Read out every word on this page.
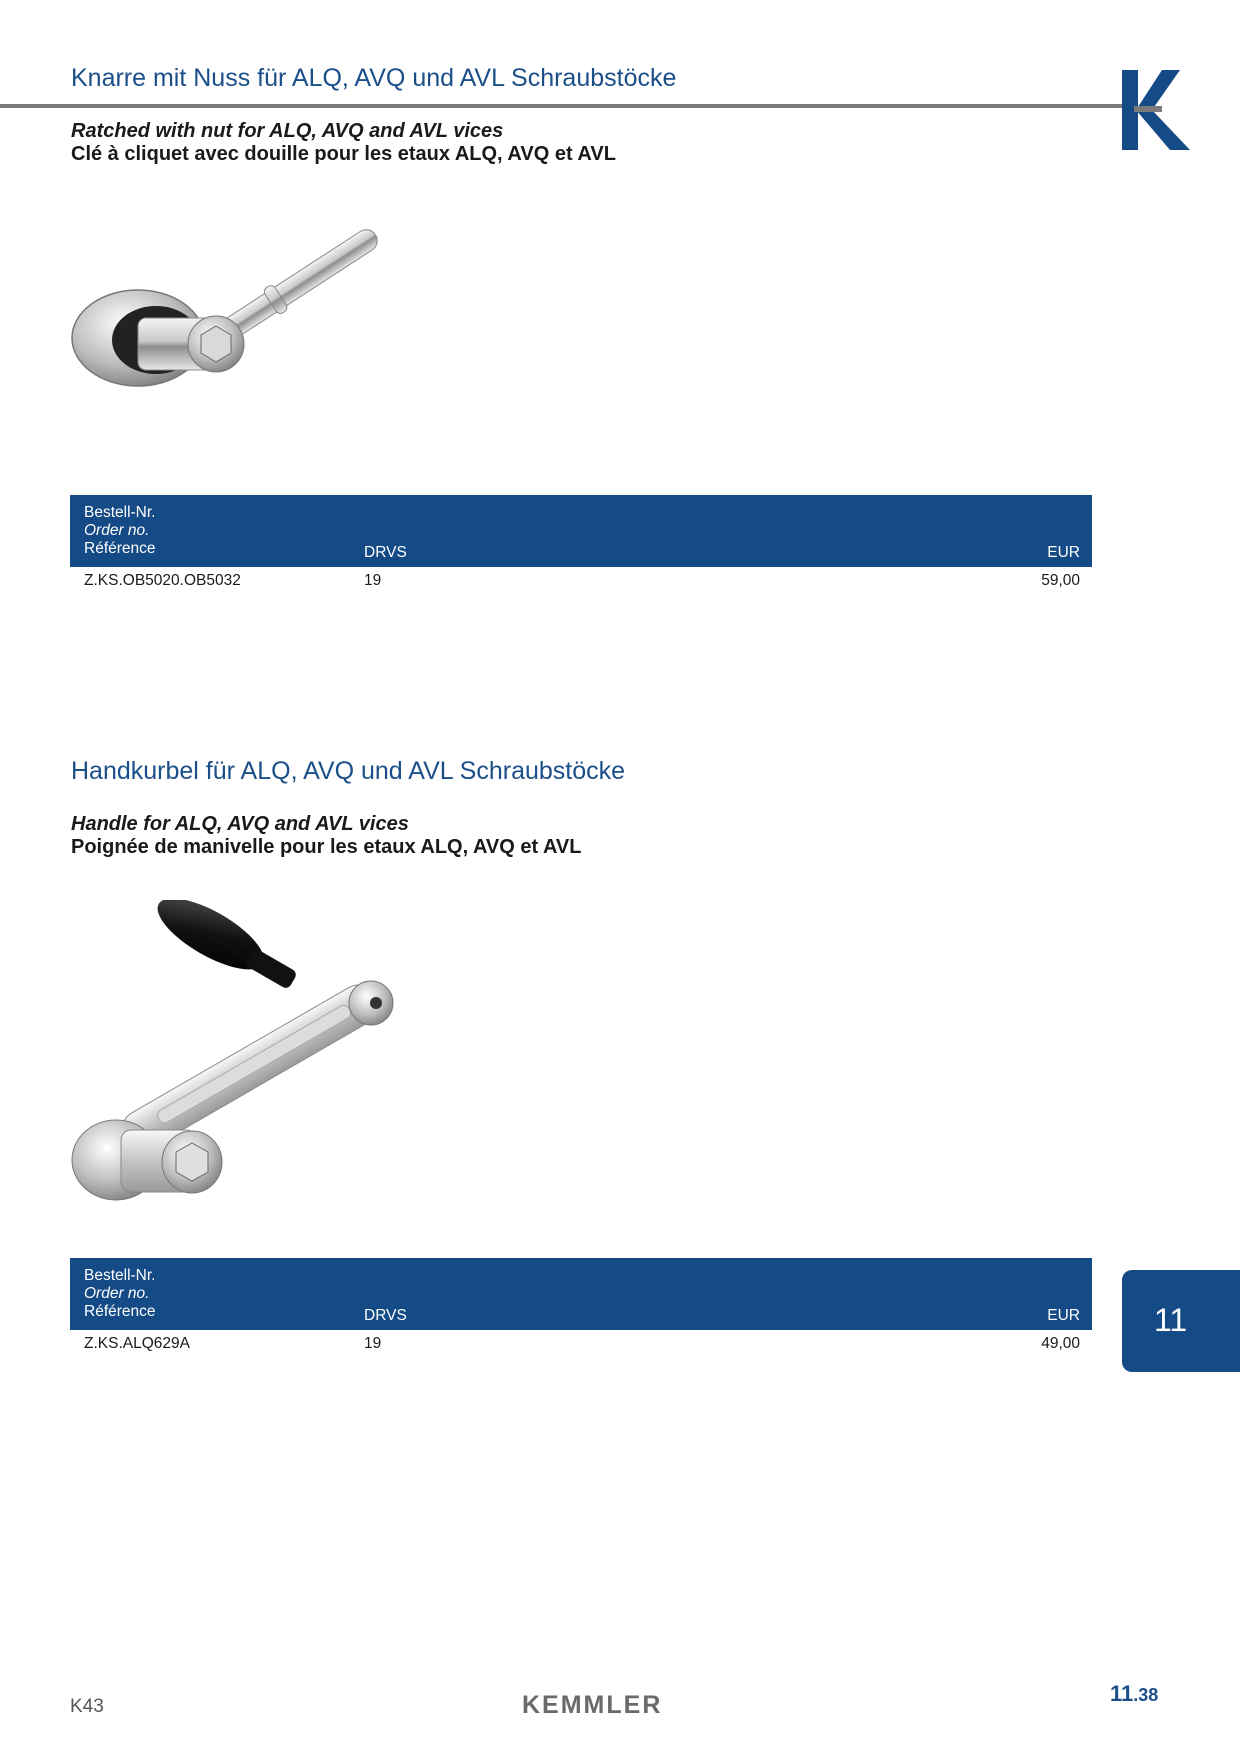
Knarre mit Nuss für ALQ, AVQ und AVL Schraubstöcke
Ratched with nut for ALQ, AVQ and AVL vices
Clé à cliquet avec douille pour les etaux ALQ, AVQ et AVL
Bestell-Nr.
Order no.
Référence	DRVS	EUR
Z.KS.OB5020.OB5032	19	59,00
Handkurbel für ALQ, AVQ und AVL Schraubstöcke
Handle for ALQ, AVQ and AVL vices
Poignée de manivelle pour les etaux ALQ, AVQ et AVL
Bestell-Nr.
Order no.
Référence	DRVS	EUR
Z.KS.ALQ629A	19	49,00
11
K43	KEMMLER	11.38
